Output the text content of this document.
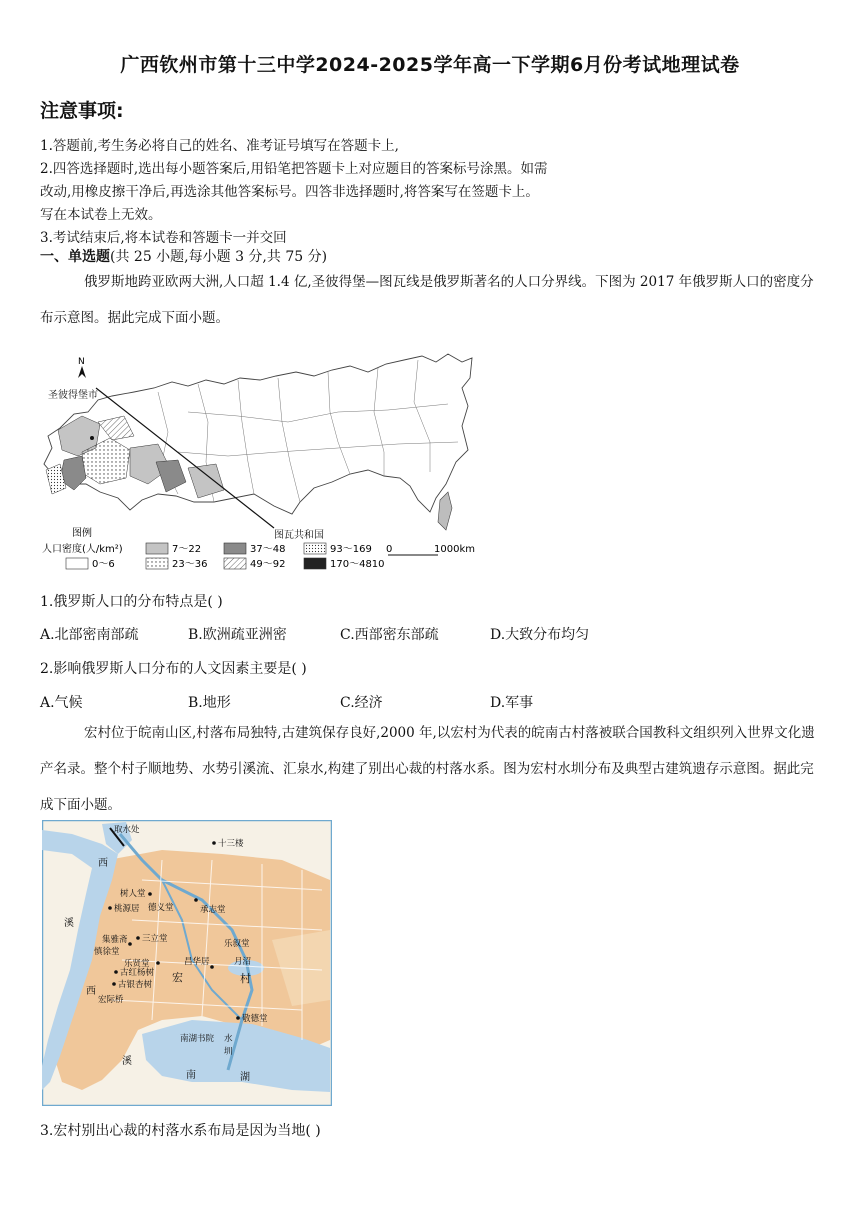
广西钦州市第十三中学2024-2025学年高一下学期6月份考试地理试卷
注意事项:
1.答题前,考生务必将自己的姓名、准考证号填写在答题卡上,
2.四答选择题时,选出每小题答案后,用铅笔把答题卡上对应题目的答案标号涂黑。如需
改动,用橡皮擦干净后,再选涂其他答案标号。四答非选择题时,将答案写在签题卡上。
写在本试卷上无效。
3.考试结束后,将本试卷和答题卡一并交回
一、单选题(共 25 小题,每小题 3 分,共 75 分)
俄罗斯地跨亚欧两大洲,人口超 1.4 亿,圣彼得堡—图瓦线是俄罗斯著名的人口分界线。下图为 2017 年俄罗斯人口的密度分布示意图。据此完成下面小题。
N
圣彼得堡市
图瓦共和国
图例
人口密度(人/km²)	7～22	37～48	93～169 0	1000km
0～6	23～36	49～92	170～4810
1.俄罗斯人口的分布特点是( )
A.北部密南部疏	B.欧洲疏亚洲密	C.西部密东部疏	D.大致分布均匀
2.影响俄罗斯人口分布的人文因素主要是( )
A.气候	B.地形	C.经济	D.军事
宏村位于皖南山区,村落布局独特,古建筑保存良好,2000 年,以宏村为代表的皖南古村落被联合国教科文组织列入世界文化遗产名录。整个村子顺地势、水势引溪流、汇泉水,构建了别出心裁的村落水系。图为宏村水圳分布及典型古建筑遗存示意图。据此完成下面小题。
取水处
十三楼
西
溪
西
溪
树人堂
桃源居 德义堂	承志堂
集雅斋 三立堂
慎徐堂
乐叙堂
昌华居	月沼
乐贤堂
古红杨树
古银杏树
宏际桥
宏	村
敬德堂
南湖书院 水
圳
南	湖
3.宏村别出心裁的村落水系布局是因为当地( )
